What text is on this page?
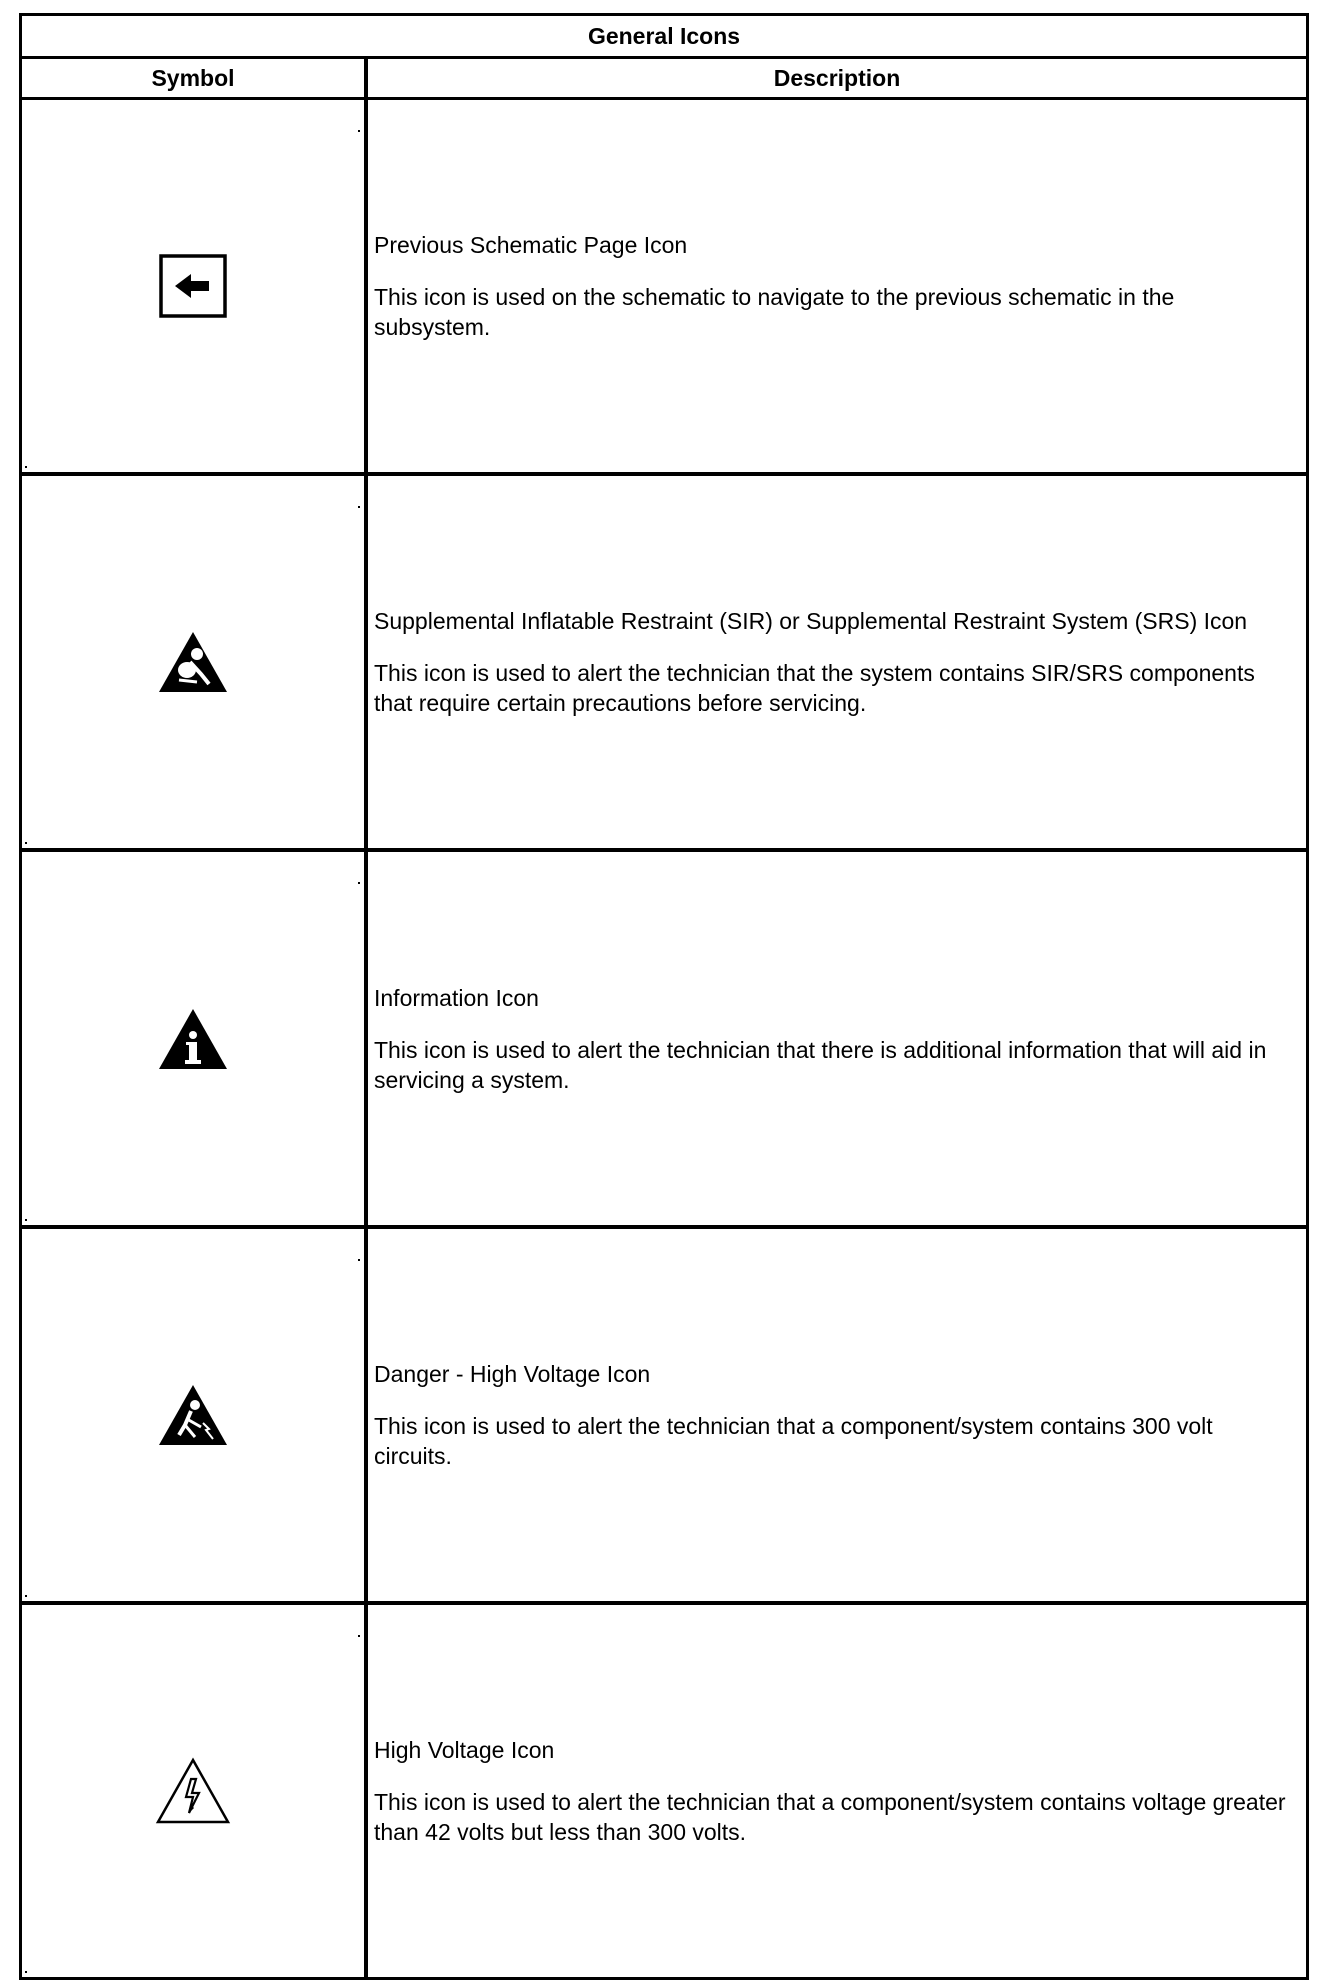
General Icons
Symbol	Description

Previous Schematic Page Icon

This icon is used on the schematic to navigate to the previous schematic in the subsystem.

Supplemental Inflatable Restraint (SIR) or Supplemental Restraint System (SRS) Icon

This icon is used to alert the technician that the system contains SIR/SRS components that require certain precautions before servicing.

Information Icon

This icon is used to alert the technician that there is additional information that will aid in servicing a system.

Danger - High Voltage Icon

This icon is used to alert the technician that a component/system contains 300 volt circuits.

High Voltage Icon

This icon is used to alert the technician that a component/system contains voltage greater than 42 volts but less than 300 volts.
